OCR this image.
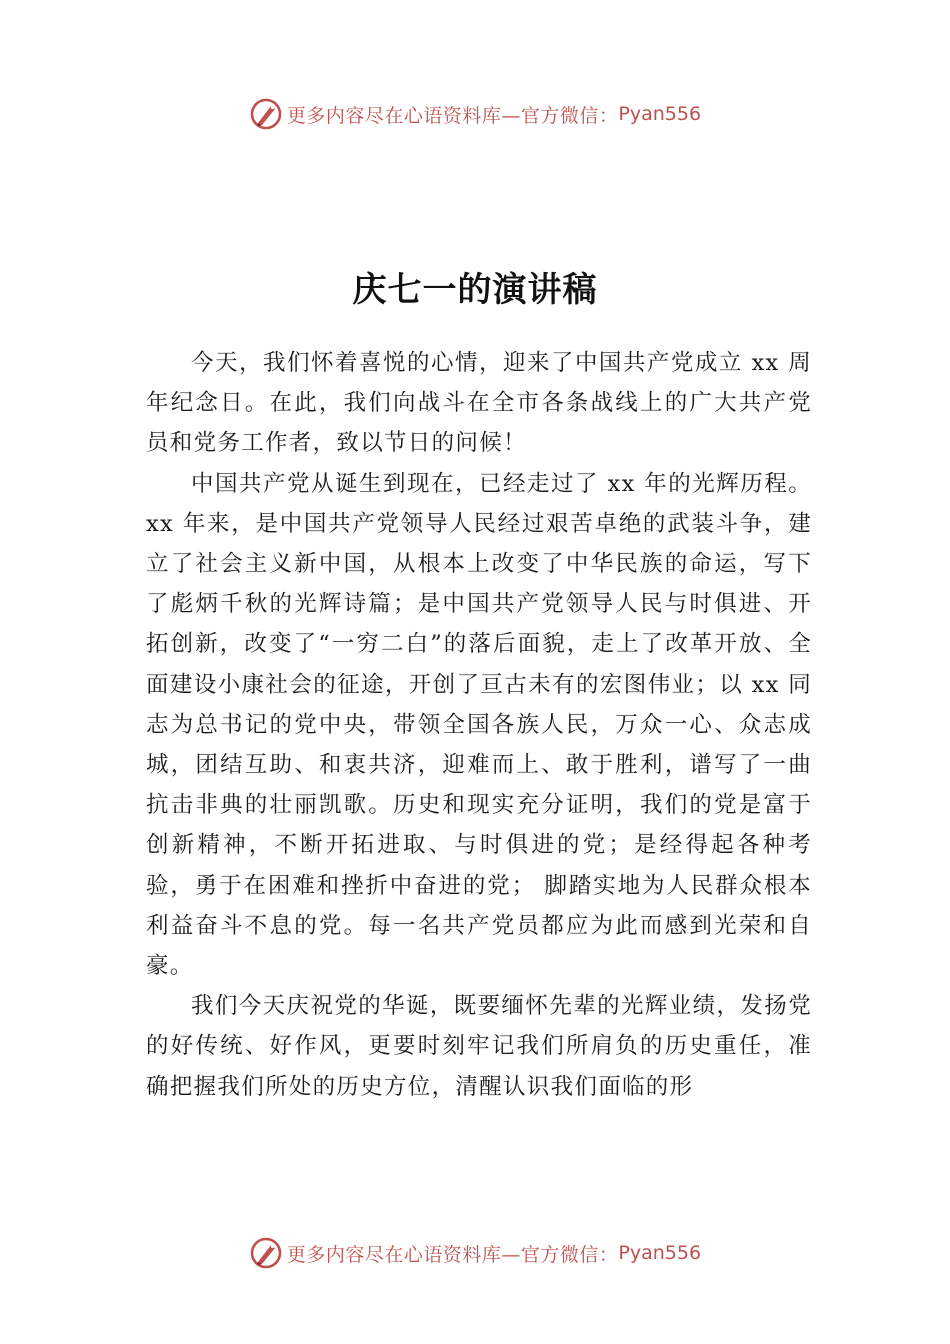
更多内容尽在心语资料库—官方微信： Pyan556
庆七一的演讲稿

今天，我们怀着喜悦的心情，迎来了中国共产党成立 xx 周年纪念日。在此，我们向战斗在全市各条战线上的广大共产党员和党务工作者，致以节日的问候！

中国共产党从诞生到现在，已经走过了 xx 年的光辉历程。xx 年来，是中国共产党领导人民经过艰苦卓绝的武装斗争，建立了社会主义新中国，从根本上改变了中华民族的命运，写下了彪炳千秋的光辉诗篇；是中国共产党领导人民与时俱进、开拓创新，改变了“一穷二白”的落后面貌，走上了改革开放、全面建设小康社会的征途，开创了亘古未有的宏图伟业；以 xx 同志为总书记的党中央，带领全国各族人民，万众一心、众志成城，团结互助、和衷共济，迎难而上、敢于胜利，谱写了一曲抗击非典的壮丽凯歌。历史和现实充分证明，我们的党是富于创新精神，不断开拓进取、与时俱进的党；是经得起各种考验，勇于在困难和挫折中奋进的党； 脚踏实地为人民群众根本利益奋斗不息的党。每一名共产党员都应为此而感到光荣和自豪。

我们今天庆祝党的华诞，既要缅怀先辈的光辉业绩，发扬党的好传统、好作风，更要时刻牢记我们所肩负的历史重任，准确把握我们所处的历史方位，清醒认识我们面临的形

更多内容尽在心语资料库—官方微信： Pyan556
